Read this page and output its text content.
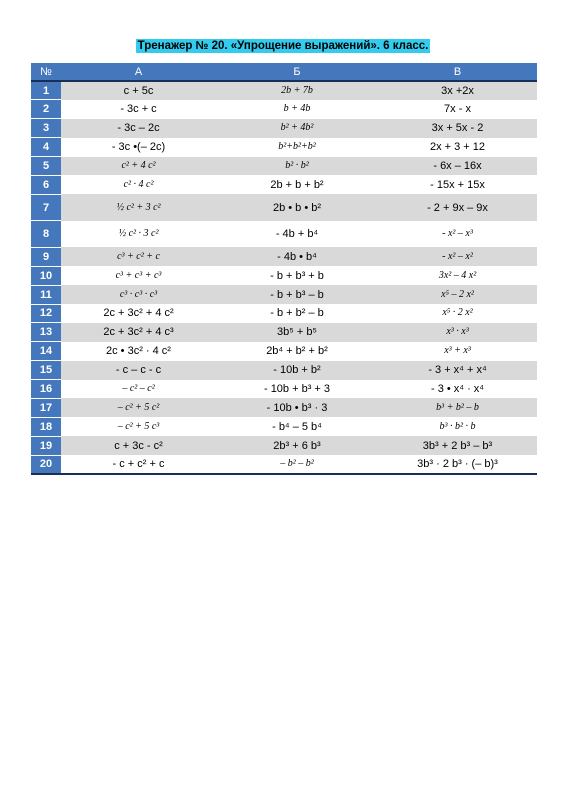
Тренажер № 20. «Упрощение выражений». 6 класс.
№	А	Б	В
1	c + 5c	2b + 7b	3x +2x
2	- 3c + c	b + 4b	7x - x
3	- 3c – 2c	b² + 4b²	3x + 5x - 2
4	- 3c •(– 2c)	b²+b²+b²	2x + 3 + 12
5	c² + 4 c²	b² · b²	- 6x – 16x
6	c² · 4 c²	2b + b + b²	- 15x + 15x
7	½ c² + 3 c²	2b • b • b²	- 2 + 9x – 9x
8	½ c² · 3 c²	- 4b + b⁴	- x² – x³
9	c³ + c² + c	- 4b • b⁴	- x² – x²
10	c³ + c³ + c³	- b + b³ + b	3x² – 4 x²
11	c³ · c³ · c³	- b + b³ – b	x⁵ – 2 x²
12	2c + 3c² + 4 c²	- b + b² – b	x⁵ · 2 x²
13	2c + 3c² + 4 c³	3b⁵ + b⁵	x³ · x³
14	2c • 3c² · 4 c²	2b⁴ + b² + b²	x³ + x³
15	- c – c - c	- 10b + b²	- 3 + x⁴ + x⁴
16	– c² – c²	- 10b + b³ + 3	- 3 • x⁴ · x⁴
17	– c² + 5 c²	- 10b • b³ · 3	b³ + b² – b
18	– c² + 5 c³	- b⁴ – 5 b⁴	b³ · b² · b
19	c + 3c - c²	2b³ + 6 b³	3b³ + 2 b³ – b³
20	- c + c² + c	– b² – b²	3b³ · 2 b³ · (– b)³
